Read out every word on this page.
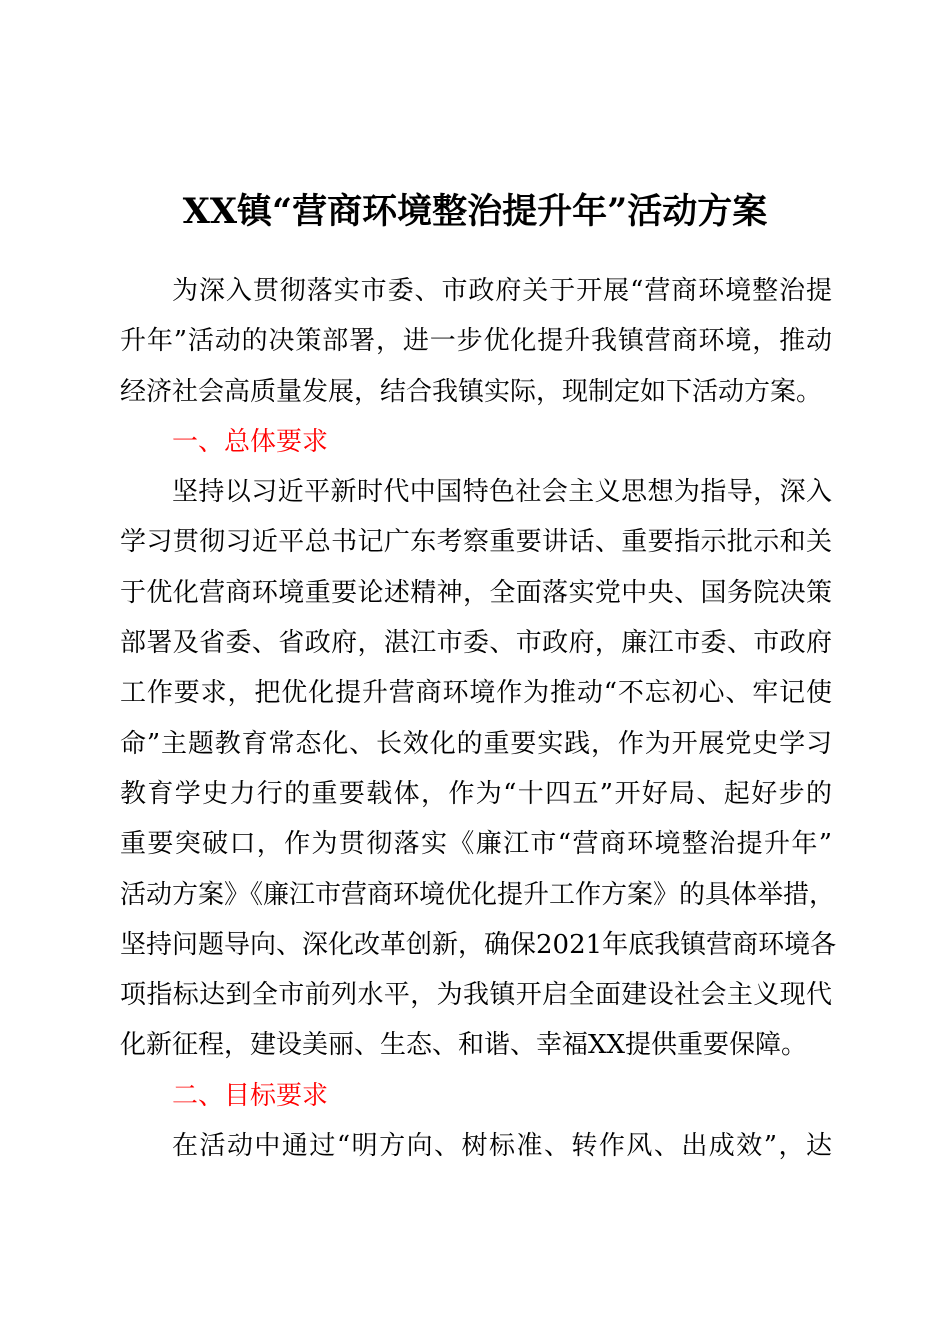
XX镇“营商环境整治提升年”活动方案
为深入贯彻落实市委、市政府关于开展“营商环境整治提
升年”活动的决策部署，进一步优化提升我镇营商环境，推动
经济社会高质量发展，结合我镇实际，现制定如下活动方案。
一、总体要求
坚持以习近平新时代中国特色社会主义思想为指导，深入
学习贯彻习近平总书记广东考察重要讲话、重要指示批示和关
于优化营商环境重要论述精神，全面落实党中央、国务院决策
部署及省委、省政府，湛江市委、市政府，廉江市委、市政府
工作要求，把优化提升营商环境作为推动“不忘初心、牢记使
命”主题教育常态化、长效化的重要实践，作为开展党史学习
教育学史力行的重要载体，作为“十四五”开好局、起好步的
重要突破口，作为贯彻落实《廉江市“营商环境整治提升年”
活动方案》《廉江市营商环境优化提升工作方案》的具体举措，
坚持问题导向、深化改革创新，确保2021年底我镇营商环境各
项指标达到全市前列水平，为我镇开启全面建设社会主义现代
化新征程，建设美丽、生态、和谐、幸福XX提供重要保障。
二、目标要求
在活动中通过“明方向、树标准、转作风、出成效”，达
